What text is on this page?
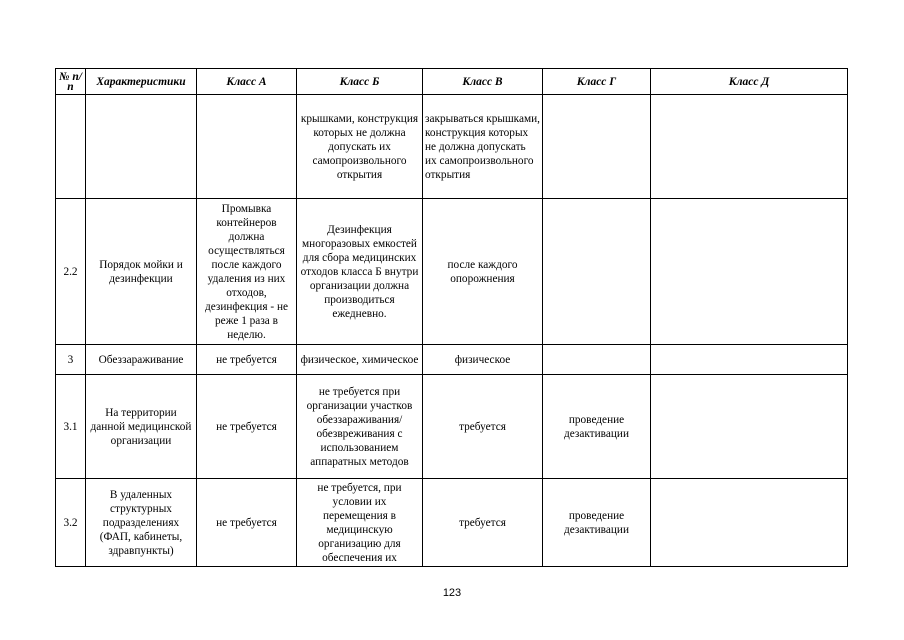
№ п/п	Характеристики	Класс А	Класс Б	Класс В	Класс Г	Класс Д
			крышками, конструкция которых не должна допускать их самопроизвольного открытия	закрываться крышками, конструкция которых не должна допускать их самопроизвольного открытия		
2.2	Порядок мойки и дезинфекции	Промывка контейнеров должна осуществляться после каждого удаления из них отходов, дезинфекция - не реже 1 раза в неделю.	Дезинфекция многоразовых емкостей для сбора медицинских отходов класса Б внутри организации должна производиться ежедневно.	после каждого опорожнения		
3	Обеззараживание	не требуется	физическое, химическое	физическое		
3.1	На территории данной медицинской организации	не требуется	не требуется при организации участков обеззараживания/ обезвреживания с использованием аппаратных методов	требуется	проведение дезактивации	
3.2	В удаленных структурных подразделениях (ФАП, кабинеты, здравпункты)	не требуется	не требуется, при условии их перемещения в медицинскую организацию для обеспечения их	требуется	проведение дезактивации	
123
